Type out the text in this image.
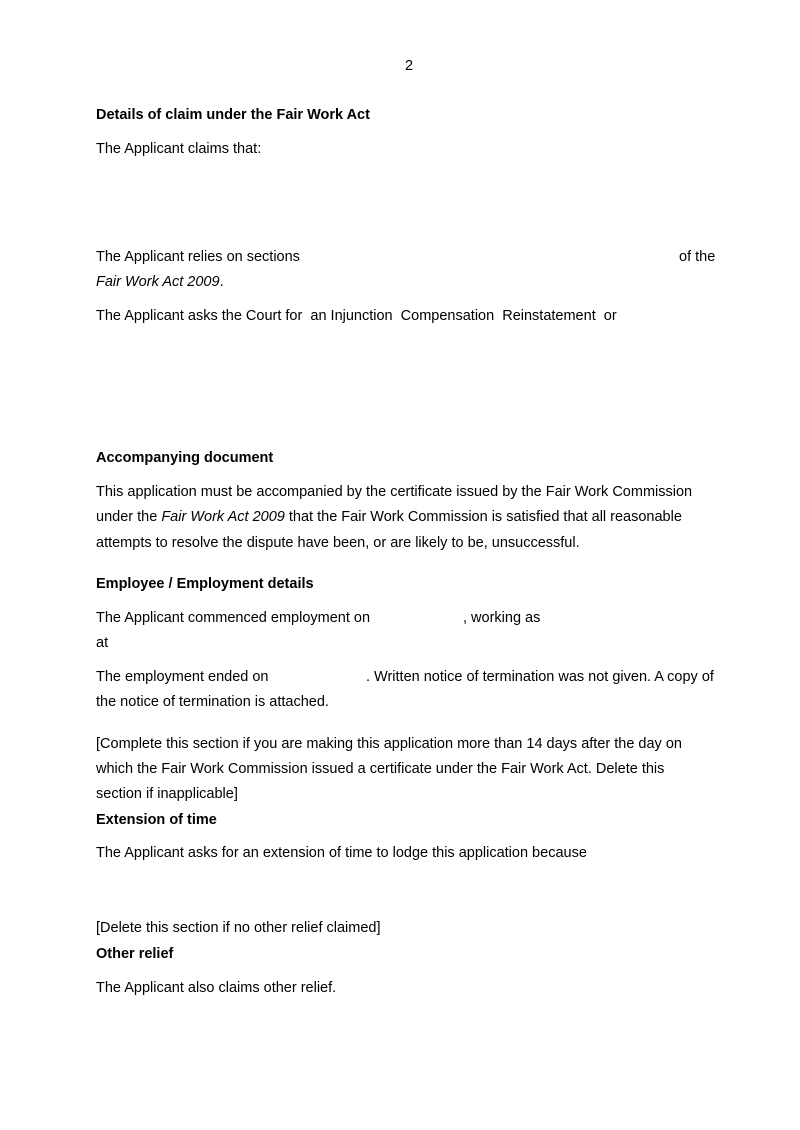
2
Details of claim under the Fair Work Act
The Applicant claims that:
The Applicant relies on sections	of the
Fair Work Act 2009.
The Applicant asks the Court for  an Injunction  Compensation  Reinstatement  or
Accompanying document
This application must be accompanied by the certificate issued by the Fair Work Commission
under the Fair Work Act 2009 that the Fair Work Commission is satisfied that all reasonable
attempts to resolve the dispute have been, or are likely to be, unsuccessful.
Employee / Employment details
The Applicant commenced employment on	, working as
at
The employment ended on	. Written notice of termination was not given. A copy of
the notice of termination is attached.
[Complete this section if you are making this application more than 14 days after the day on
which the Fair Work Commission issued a certificate under the Fair Work Act. Delete this
section if inapplicable]
Extension of time
The Applicant asks for an extension of time to lodge this application because
[Delete this section if no other relief claimed]
Other relief
The Applicant also claims other relief.
